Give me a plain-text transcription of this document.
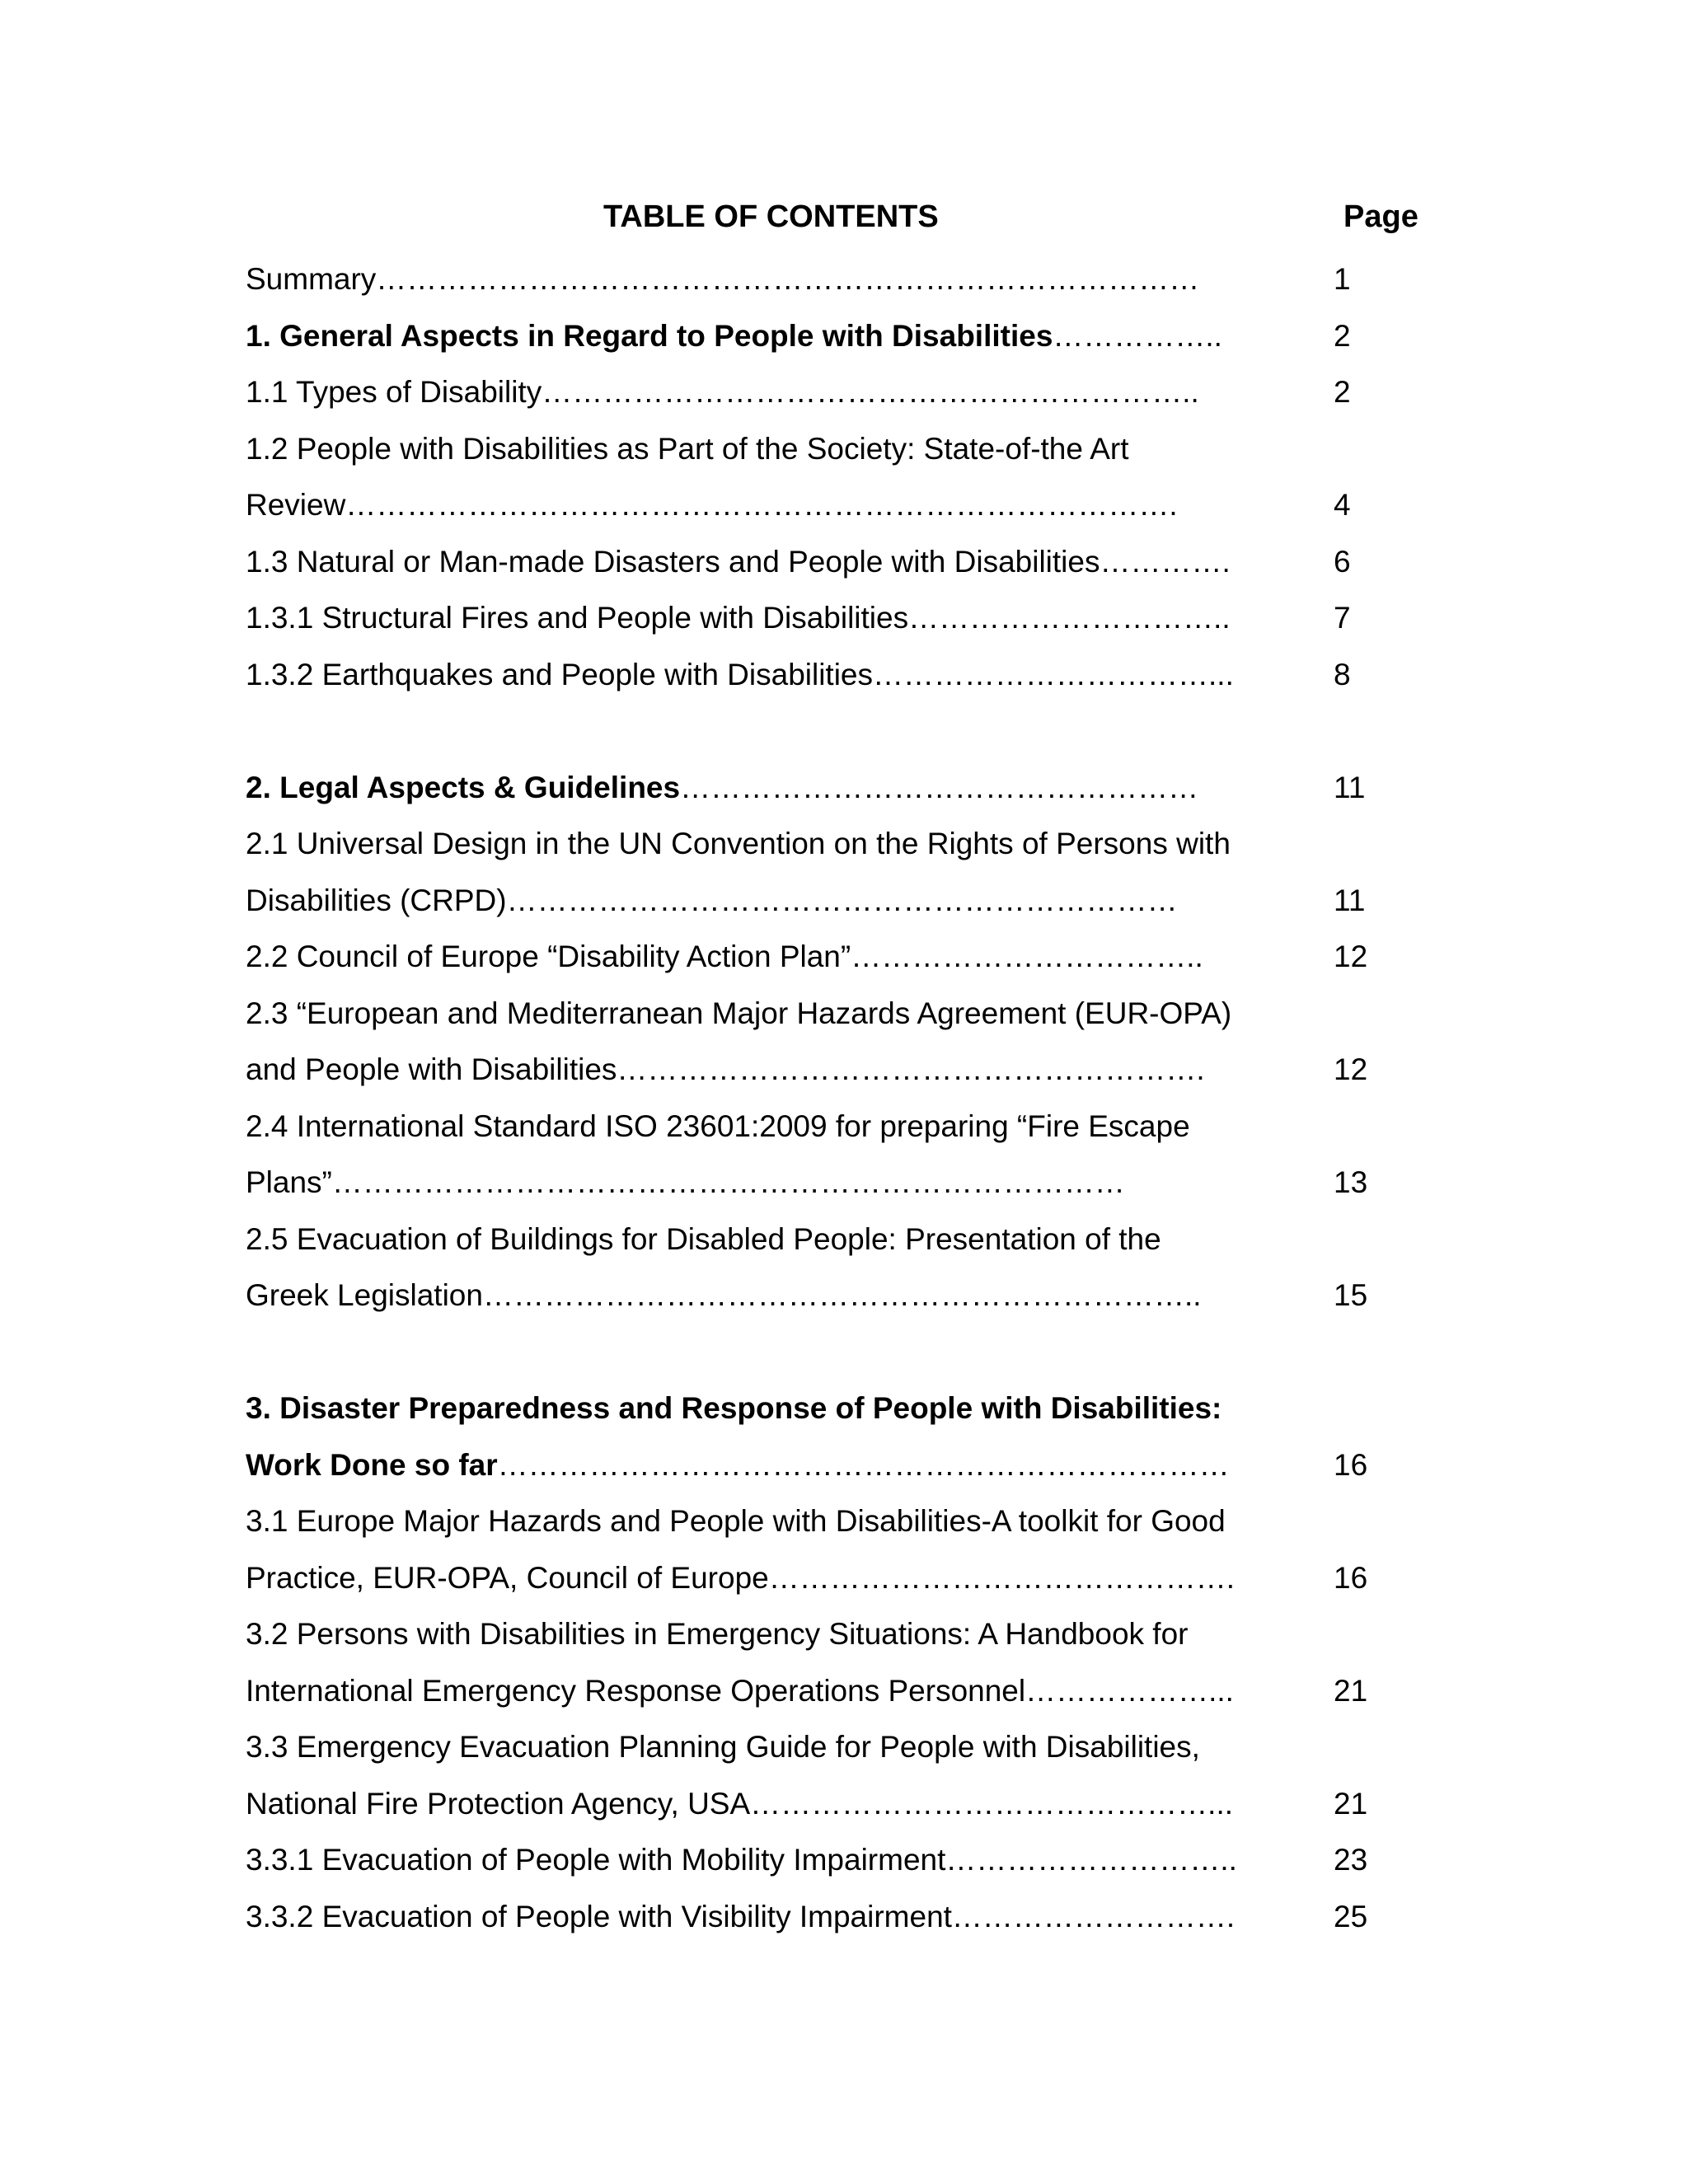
TABLE OF CONTENTS	Page
Summary………………………………………………………………………	1
1. General Aspects in Regard to People with Disabilities……………..	2
1.1 Types of Disability………………………………………………………..	2
1.2 People with Disabilities as Part of the Society: State-of-the Art
Review……………………………………………………………………….	4
1.3 Natural or Man-made Disasters and People with Disabilities………….	6
1.3.1 Structural Fires and People with Disabilities…………………………..	7
1.3.2 Earthquakes and People with Disabilities……………………………...	8
2. Legal Aspects & Guidelines……………………………………………	11
2.1 Universal Design in the UN Convention on the Rights of Persons with
Disabilities (CRPD)…………………………………………………………	11
2.2 Council of Europe “Disability Action Plan”……………………………..	12
2.3 “European and Mediterranean Major Hazards Agreement (EUR-OPA)
and People with Disabilities………………………………………………….	12
2.4 International Standard ISO 23601:2009 for preparing “Fire Escape
Plans”……………………………………………………………………	13
2.5 Evacuation of Buildings for Disabled People: Presentation of the
Greek Legislation……………………………………………………………..	15
3. Disaster Preparedness and Response of People with Disabilities:
Work Done so far………………………………………………………………	16
3.1 Europe Major Hazards and People with Disabilities-A toolkit for Good
Practice, EUR-OPA, Council of Europe……………………………………….	16
3.2 Persons with Disabilities in Emergency Situations: A Handbook for
International Emergency Response Operations Personnel………………...	21
3.3 Emergency Evacuation Planning Guide for People with Disabilities,
National Fire Protection Agency, USA………………………………………...	21
3.3.1 Evacuation of People with Mobility Impairment………………………..	23
3.3.2 Evacuation of People with Visibility Impairment……………………….	25
